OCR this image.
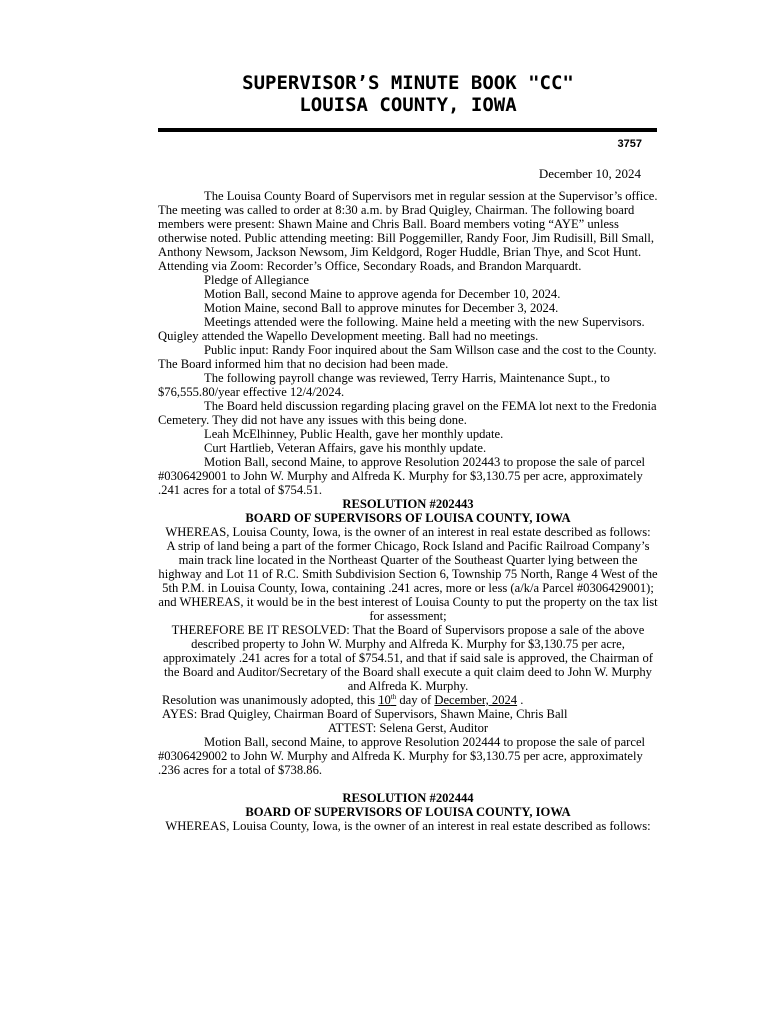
SUPERVISOR’S MINUTE BOOK "CC"
LOUISA COUNTY, IOWA
3757
December 10, 2024

The Louisa County Board of Supervisors met in regular session at the Supervisor’s office. The meeting was called to order at 8:30 a.m. by Brad Quigley, Chairman. The following board members were present: Shawn Maine and Chris Ball. Board members voting “AYE” unless otherwise noted. Public attending meeting: Bill Poggemiller, Randy Foor, Jim Rudisill, Bill Small, Anthony Newsom, Jackson Newsom, Jim Keldgord, Roger Huddle, Brian Thye, and Scot Hunt. Attending via Zoom: Recorder’s Office, Secondary Roads, and Brandon Marquardt.

Pledge of Allegiance

Motion Ball, second Maine to approve agenda for December 10, 2024.

Motion Maine, second Ball to approve minutes for December 3, 2024.

Meetings attended were the following. Maine held a meeting with the new Supervisors. Quigley attended the Wapello Development meeting. Ball had no meetings.

Public input: Randy Foor inquired about the Sam Willson case and the cost to the County. The Board informed him that no decision had been made.

The following payroll change was reviewed, Terry Harris, Maintenance Supt., to $76,555.80/year effective 12/4/2024.

The Board held discussion regarding placing gravel on the FEMA lot next to the Fredonia Cemetery. They did not have any issues with this being done.

Leah McElhinney, Public Health, gave her monthly update.

Curt Hartlieb, Veteran Affairs, gave his monthly update.

Motion Ball, second Maine, to approve Resolution 202443 to propose the sale of parcel #0306429001 to John W. Murphy and Alfreda K. Murphy for $3,130.75 per acre, approximately .241 acres for a total of $754.51.

RESOLUTION #202443

BOARD OF SUPERVISORS OF LOUISA COUNTY, IOWA

WHEREAS, Louisa County, Iowa, is the owner of an interest in real estate described as follows:

A strip of land being a part of the former Chicago, Rock Island and Pacific Railroad Company’s main track line located in the Northeast Quarter of the Southeast Quarter lying between the highway and Lot 11 of R.C. Smith Subdivision Section 6, Township 75 North, Range 4 West of the 5th P.M. in Louisa County, Iowa, containing .241 acres, more or less (a/k/a Parcel #0306429001);

and WHEREAS, it would be in the best interest of Louisa County to put the property on the tax list for assessment;

THEREFORE BE IT RESOLVED: That the Board of Supervisors propose a sale of the above described property to John W. Murphy and Alfreda K. Murphy for $3,130.75 per acre, approximately .241 acres for a total of $754.51, and that if said sale is approved, the Chairman of the Board and Auditor/Secretary of the Board shall execute a quit claim deed to John W. Murphy and Alfreda K. Murphy.

Resolution was unanimously adopted, this 10th day of December, 2024 .

AYES: Brad Quigley, Chairman Board of Supervisors, Shawn Maine, Chris Ball

ATTEST: Selena Gerst, Auditor

Motion Ball, second Maine, to approve Resolution 202444 to propose the sale of parcel #0306429002 to John W. Murphy and Alfreda K. Murphy for $3,130.75 per acre, approximately .236 acres for a total of $738.86.

RESOLUTION #202444

BOARD OF SUPERVISORS OF LOUISA COUNTY, IOWA

WHEREAS, Louisa County, Iowa, is the owner of an interest in real estate described as follows:
